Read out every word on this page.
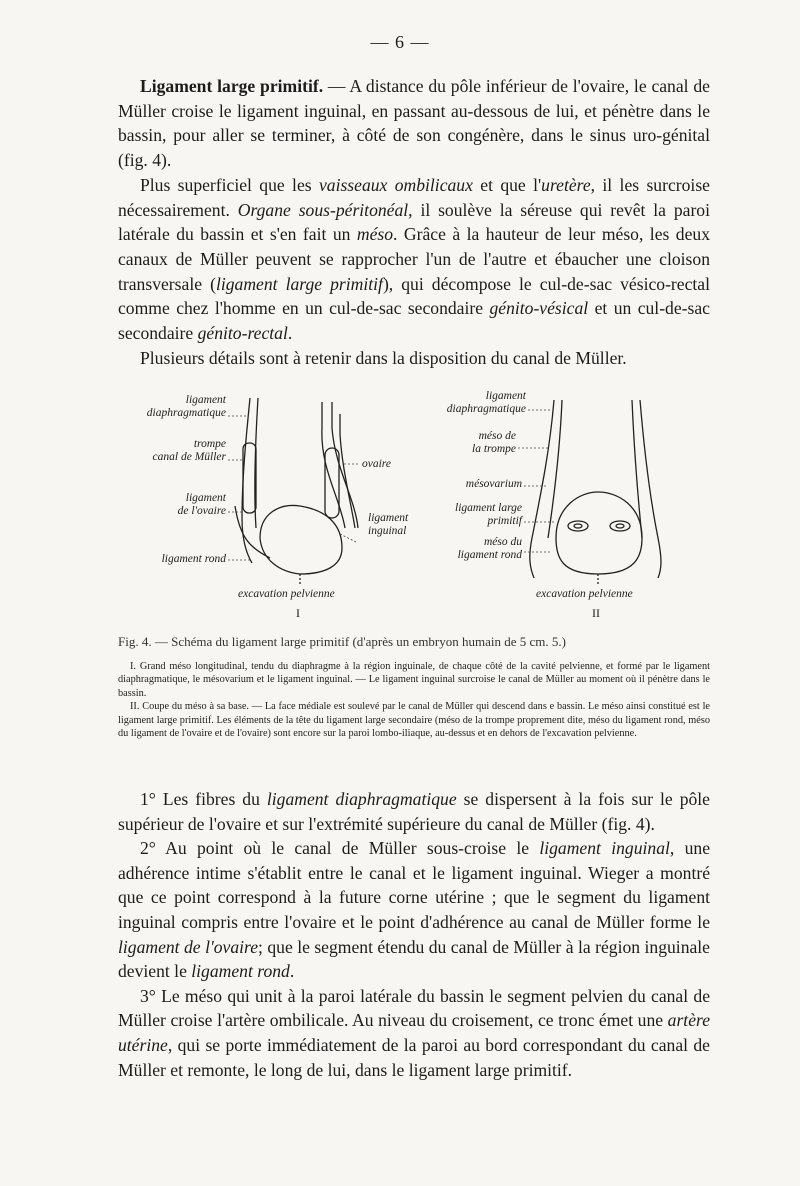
— 6 —

Ligament large primitif. — A distance du pôle inférieur de l'ovaire, le canal de Müller croise le ligament inguinal, en passant au-dessous de lui, et pénètre dans le bassin, pour aller se terminer, à côté de son congénère, dans le sinus uro-génital (fig. 4).

Plus superficiel que les vaisseaux ombilicaux et que l'uretère, il les surcroise nécessairement. Organe sous-péritonéal, il soulève la séreuse qui revêt la paroi latérale du bassin et s'en fait un méso. Grâce à la hauteur de leur méso, les deux canaux de Müller peuvent se rapprocher l'un de l'autre et ébaucher une cloison transversale (ligament large primitif), qui décompose le cul-de-sac vésico-rectal comme chez l'homme en un cul-de-sac secondaire génito-vésical et un cul-de-sac secondaire génito-rectal.

Plusieurs détails sont à retenir dans la disposition du canal de Müller.

ligament
diaphragmatique
trompe
canal de Müller
ovaire
ligament
de l'ovaire
ligament
inguinal
ligament rond
excavation pelvienne
I
ligament
diaphragmatique
méso de
la trompe
mésovarium
ligament large
primitif
méso du
ligament rond
excavation pelvienne
II
Fig. 4. — Schéma du ligament large primitif (d'après un embryon humain de 5 cm. 5.)

I. Grand méso longitudinal, tendu du diaphragme à la région inguinale, de chaque côté de la cavité pelvienne, et formé par le ligament diaphragmatique, le mésovarium et le ligament inguinal. — Le ligament inguinal surcroise le canal de Müller au moment où il pénètre dans le bassin.

II. Coupe du méso à sa base. — La face médiale est soulevé par le canal de Müller qui descend dans e bassin. Le méso ainsi constitué est le ligament large primitif. Les éléments de la tête du ligament large secondaire (méso de la trompe proprement dite, méso du ligament rond, méso du ligament de l'ovaire et de l'ovaire) sont encore sur la paroi lombo-iliaque, au-dessus et en dehors de l'excavation pelvienne.

1° Les fibres du ligament diaphragmatique se dispersent à la fois sur le pôle supérieur de l'ovaire et sur l'extrémité supérieure du canal de Müller (fig. 4).

2° Au point où le canal de Müller sous-croise le ligament inguinal, une adhérence intime s'établit entre le canal et le ligament inguinal. Wieger a montré que ce point correspond à la future corne utérine ; que le segment du ligament inguinal compris entre l'ovaire et le point d'adhérence au canal de Müller forme le ligament de l'ovaire; que le segment étendu du canal de Müller à la région inguinale devient le ligament rond.

3° Le méso qui unit à la paroi latérale du bassin le segment pelvien du canal de Müller croise l'artère ombilicale. Au niveau du croisement, ce tronc émet une artère utérine, qui se porte immédiatement de la paroi au bord correspondant du canal de Müller et remonte, le long de lui, dans le ligament large primitif.
